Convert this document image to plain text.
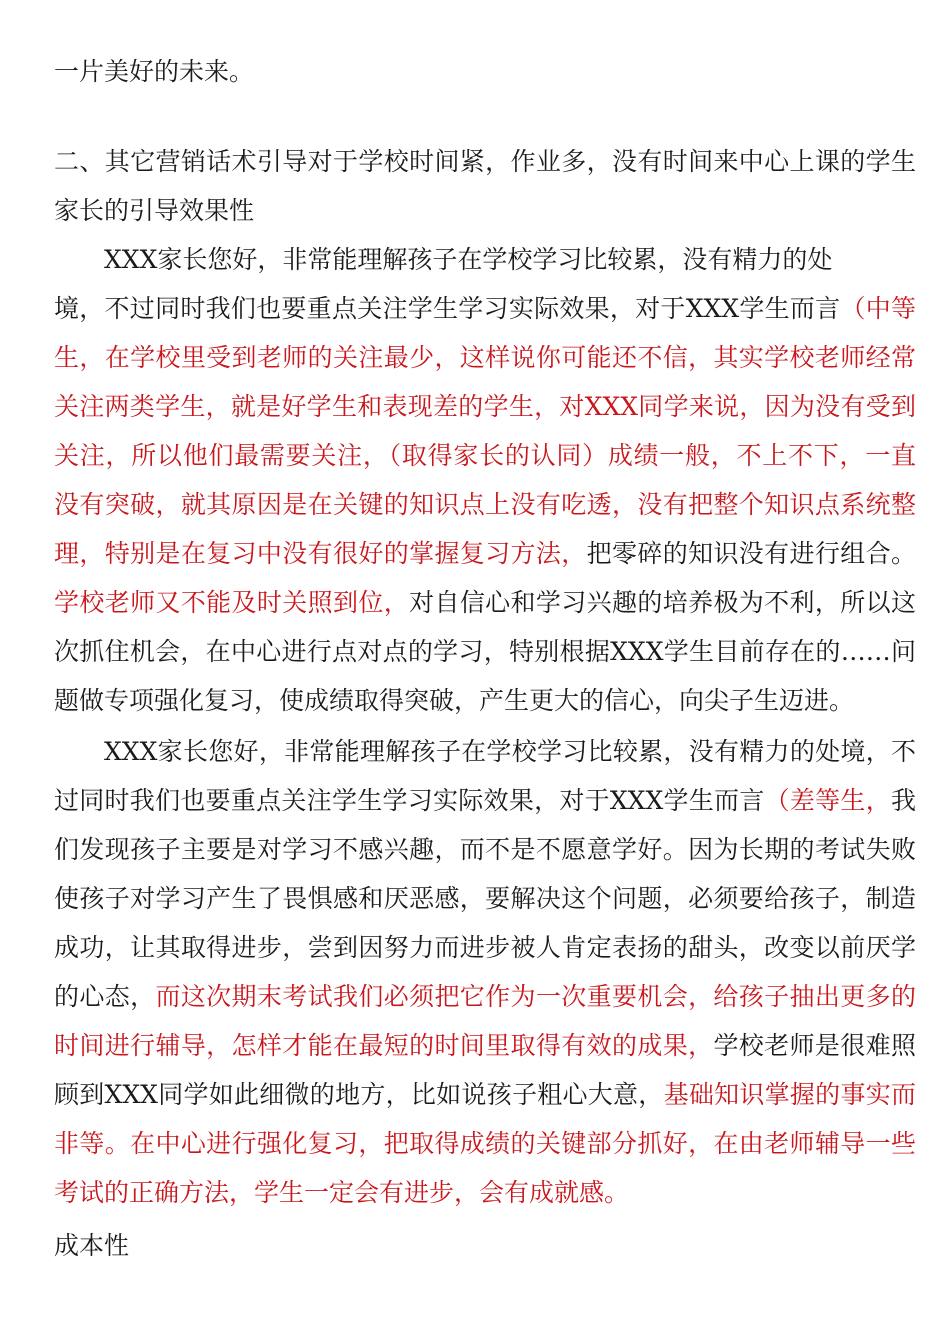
一片美好的未来。
二、其它营销话术引导对于学校时间紧，作业多，没有时间来中心上课的学生
家长的引导效果性
XXX家长您好，非常能理解孩子在学校学习比较累，没有精力的处
境，不过同时我们也要重点关注学生学习实际效果，对于XXX学生而言（中等
生，在学校里受到老师的关注最少，这样说你可能还不信，其实学校老师经常
关注两类学生，就是好学生和表现差的学生，对XXX同学来说，因为没有受到
关注，所以他们最需要关注，（取得家长的认同）成绩一般，不上不下，一直
没有突破，就其原因是在关键的知识点上没有吃透，没有把整个知识点系统整
理，特别是在复习中没有很好的掌握复习方法，把零碎的知识没有进行组合。
学校老师又不能及时关照到位，对自信心和学习兴趣的培养极为不利，所以这
次抓住机会，在中心进行点对点的学习，特别根据XXX学生目前存在的……问
题做专项强化复习，使成绩取得突破，产生更大的信心，向尖子生迈进。
XXX家长您好，非常能理解孩子在学校学习比较累，没有精力的处境，不
过同时我们也要重点关注学生学习实际效果，对于XXX学生而言（差等生，我
们发现孩子主要是对学习不感兴趣，而不是不愿意学好。因为长期的考试失败
使孩子对学习产生了畏惧感和厌恶感，要解决这个问题，必须要给孩子，制造
成功，让其取得进步，尝到因努力而进步被人肯定表扬的甜头，改变以前厌学
的心态，而这次期末考试我们必须把它作为一次重要机会，给孩子抽出更多的
时间进行辅导，怎样才能在最短的时间里取得有效的成果，学校老师是很难照
顾到XXX同学如此细微的地方，比如说孩子粗心大意，基础知识掌握的事实而
非等。在中心进行强化复习，把取得成绩的关键部分抓好，在由老师辅导一些
考试的正确方法，学生一定会有进步，会有成就感。
成本性
